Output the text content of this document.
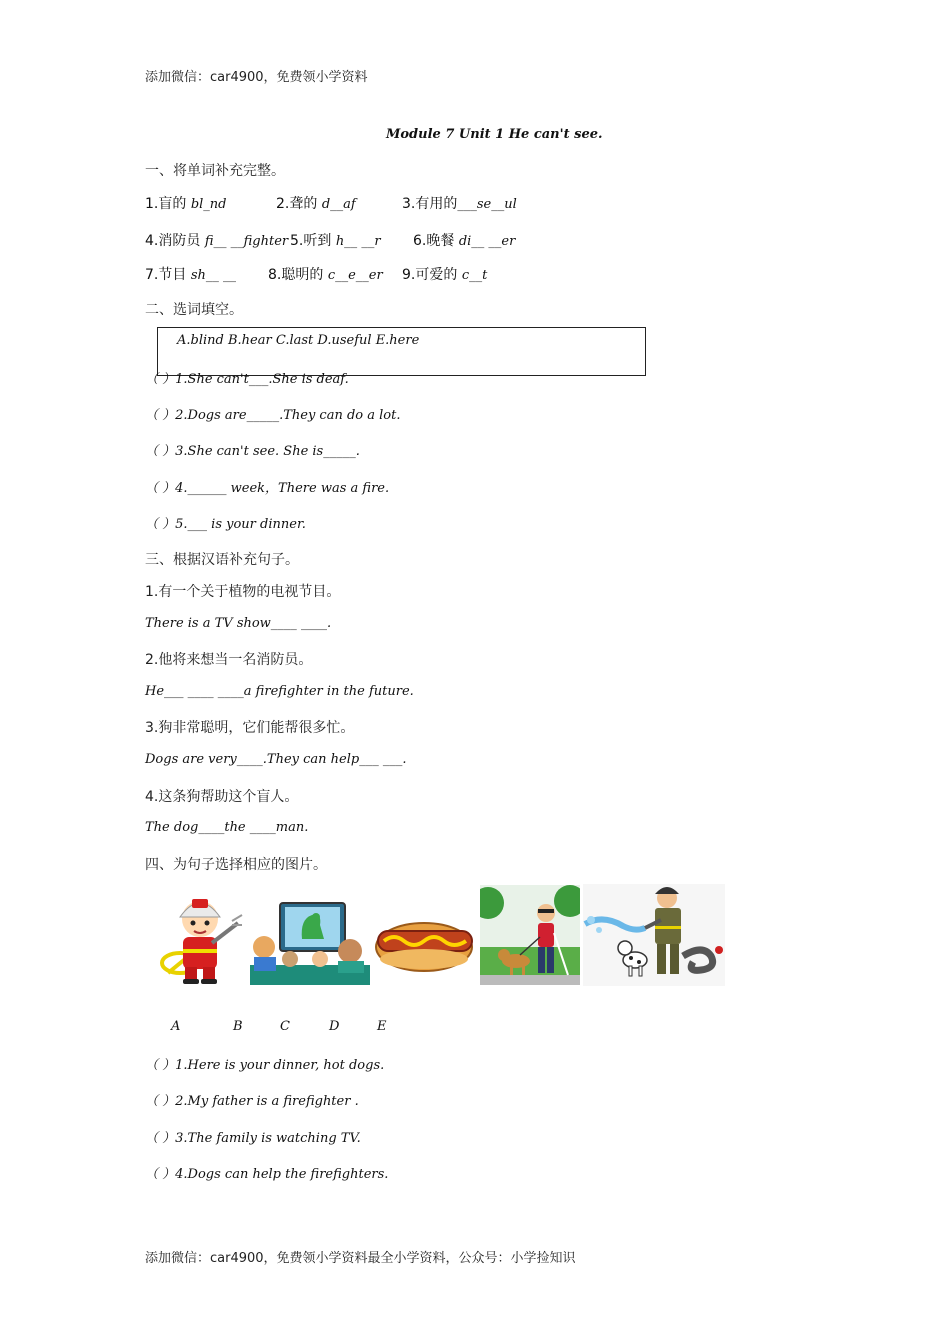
添加微信：car4900，免费领小学资料
Module 7 Unit 1 He can't see.
一、将单词补充完整。
1.盲的 bl_nd	2.聋的 d__af	3.有用的___se__ul
4.消防员 fi__ __fighter 5.听到 h__ __r 6.晚餐 di__ __er
7.节目 sh__ __ 8.聪明的 c__e__er 9.可爱的 c__t
二、选词填空。
A.blind B.hear C.last D.useful E.here
（ ）1.She can't___.She is deaf.
（ ）2.Dogs are_____.They can do a lot.
（ ）3.She can't see. She is_____.
（ ）4.______ week，There was a fire.
（ ）5.___ is your dinner.
三、根据汉语补充句子。
1.有一个关于植物的电视节目。
There is a TV show____ ____.
2.他将来想当一名消防员。
He___ ____ ____a firefighter in the future.
3.狗非常聪明，它们能帮很多忙。
Dogs are very____.They can help___ ___.
4.这条狗帮助这个盲人。
The dog____the ____man.
四、为句子选择相应的图片。
A	B	C	D	E
（ ）1.Here is your dinner, hot dogs.
（ ）2.My father is a firefighter .
（ ）3.The family is watching TV.
（ ）4.Dogs can help the firefighters.
添加微信：car4900，免费领小学资料最全小学资料，公众号：小学捡知识
